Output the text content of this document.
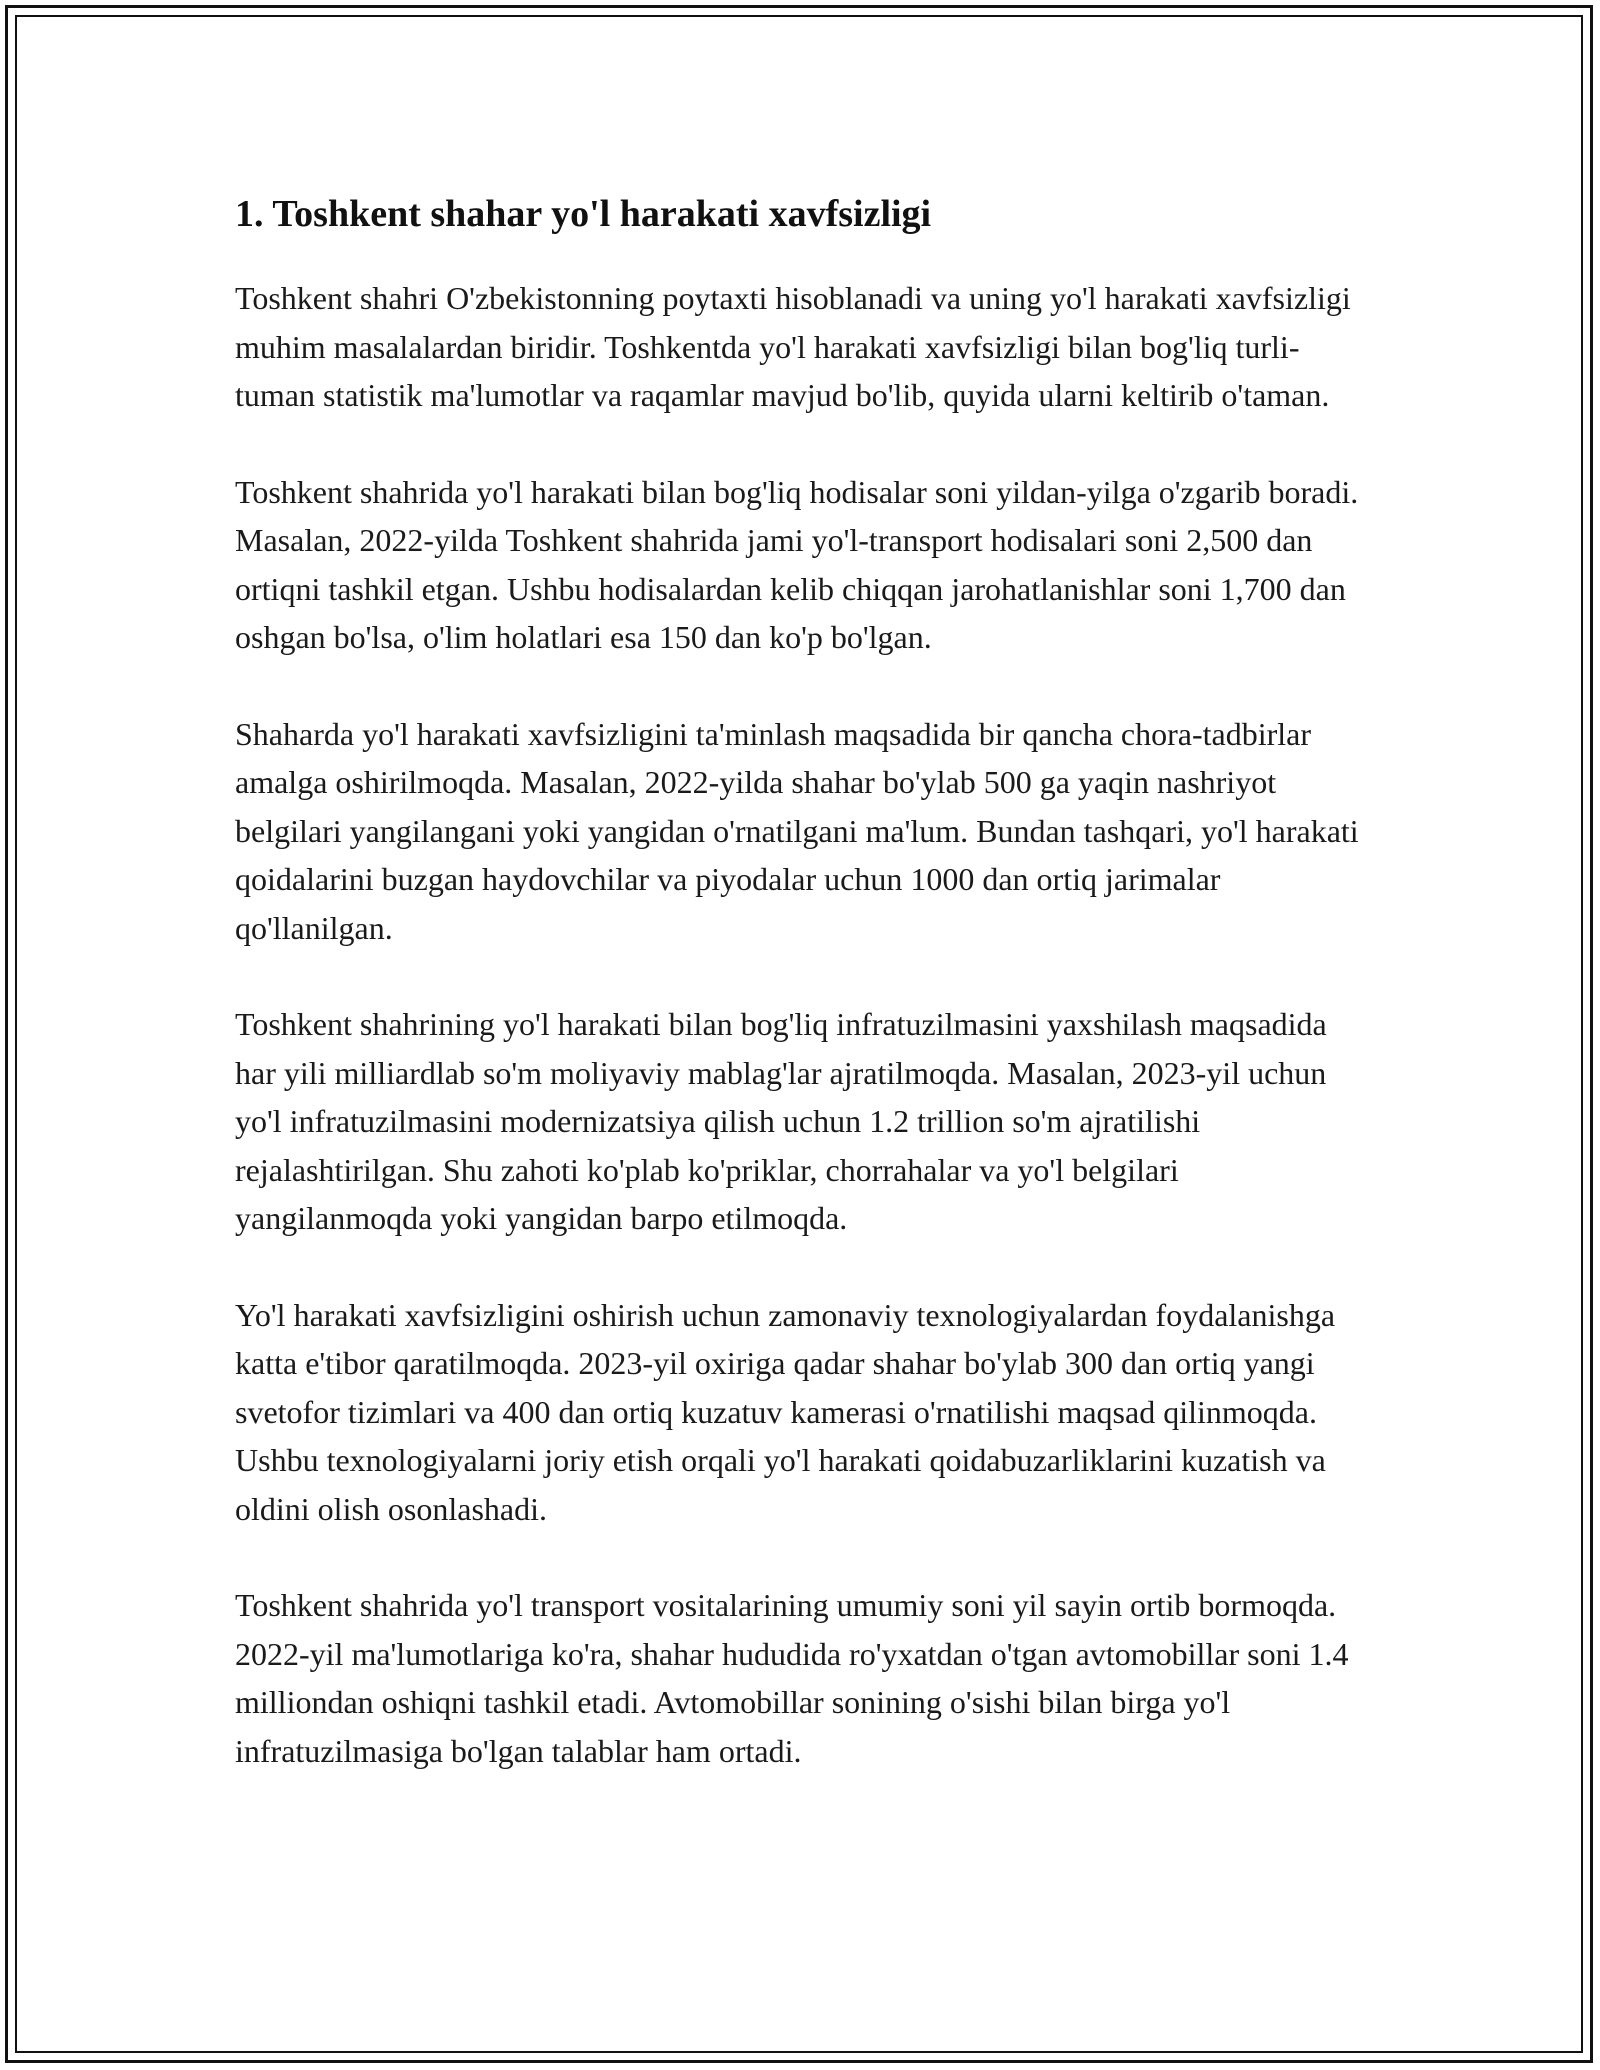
1. Toshkent shahar yo'l harakati xavfsizligi

Toshkent shahri O'zbekistonning poytaxti hisoblanadi va uning yo'l harakati xavfsizligi muhim masalalardan biridir. Toshkentda yo'l harakati xavfsizligi bilan bog'liq turli-tuman statistik ma'lumotlar va raqamlar mavjud bo'lib, quyida ularni keltirib o'taman.

Toshkent shahrida yo'l harakati bilan bog'liq hodisalar soni yildan-yilga o'zgarib boradi. Masalan, 2022-yilda Toshkent shahrida jami yo'l-transport hodisalari soni 2,500 dan ortiqni tashkil etgan. Ushbu hodisalardan kelib chiqqan jarohatlanishlar soni 1,700 dan oshgan bo'lsa, o'lim holatlari esa 150 dan ko'p bo'lgan.

Shaharda yo'l harakati xavfsizligini ta'minlash maqsadida bir qancha chora-tadbirlar amalga oshirilmoqda. Masalan, 2022-yilda shahar bo'ylab 500 ga yaqin nashriyot belgilari yangilangani yoki yangidan o'rnatilgani ma'lum. Bundan tashqari, yo'l harakati qoidalarini buzgan haydovchilar va piyodalar uchun 1000 dan ortiq jarimalar qo'llanilgan.

Toshkent shahrining yo'l harakati bilan bog'liq infratuzilmasini yaxshilash maqsadida har yili milliardlab so'm moliyaviy mablag'lar ajratilmoqda. Masalan, 2023-yil uchun yo'l infratuzilmasini modernizatsiya qilish uchun 1.2 trillion so'm ajratilishi rejalashtirilgan. Shu zahoti ko'plab ko'priklar, chorrahalar va yo'l belgilari yangilanmoqda yoki yangidan barpo etilmoqda.

Yo'l harakati xavfsizligini oshirish uchun zamonaviy texnologiyalardan foydalanishga katta e'tibor qaratilmoqda. 2023-yil oxiriga qadar shahar bo'ylab 300 dan ortiq yangi svetofor tizimlari va 400 dan ortiq kuzatuv kamerasi o'rnatilishi maqsad qilinmoqda. Ushbu texnologiyalarni joriy etish orqali yo'l harakati qoidabuzarliklarini kuzatish va oldini olish osonlashadi.

Toshkent shahrida yo'l transport vositalarining umumiy soni yil sayin ortib bormoqda. 2022-yil ma'lumotlariga ko'ra, shahar hududida ro'yxatdan o'tgan avtomobillar soni 1.4 milliondan oshiqni tashkil etadi. Avtomobillar sonining o'sishi bilan birga yo'l infratuzilmasiga bo'lgan talablar ham ortadi.
